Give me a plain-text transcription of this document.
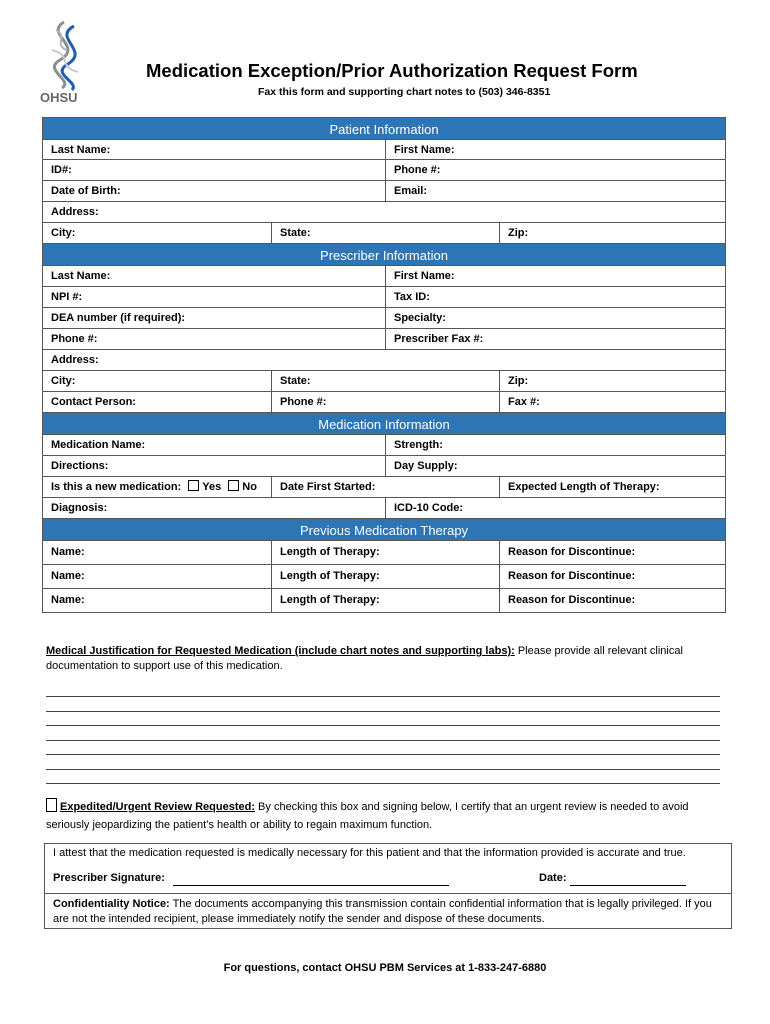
OHSU
Medication Exception/Prior Authorization Request Form
Fax this form and supporting chart notes to (503) 346-8351
Patient Information
Last Name:	First Name:
ID#:	Phone #:
Date of Birth:	Email:
Address:
City:	State:	Zip:
Prescriber Information
Last Name:	First Name:
NPI #:	Tax ID:
DEA number (if required):	Specialty:
Phone #:	Prescriber Fax #:
Address:
City:	State:	Zip:
Contact Person:	Phone #:	Fax #:
Medication Information
Medication Name:	Strength:
Directions:	Day Supply:
Is this a new medication: Yes No	Date First Started:	Expected Length of Therapy:
Diagnosis:	ICD-10 Code:
Previous Medication Therapy
Name:	Length of Therapy:	Reason for Discontinue:
Name:	Length of Therapy:	Reason for Discontinue:
Name:	Length of Therapy:	Reason for Discontinue:
Medical Justification for Requested Medication (include chart notes and supporting labs): Please provide all relevant clinical documentation to support use of this medication.
Expedited/Urgent Review Requested: By checking this box and signing below, I certify that an urgent review is needed to avoid seriously jeopardizing the patient’s health or ability to regain maximum function.
I attest that the medication requested is medically necessary for this patient and that the information provided is accurate and true.
Prescriber Signature:	Date:
Confidentiality Notice: The documents accompanying this transmission contain confidential information that is legally privileged. If you are not the intended recipient, please immediately notify the sender and dispose of these documents.
For questions, contact OHSU PBM Services at 1-833-247-6880
